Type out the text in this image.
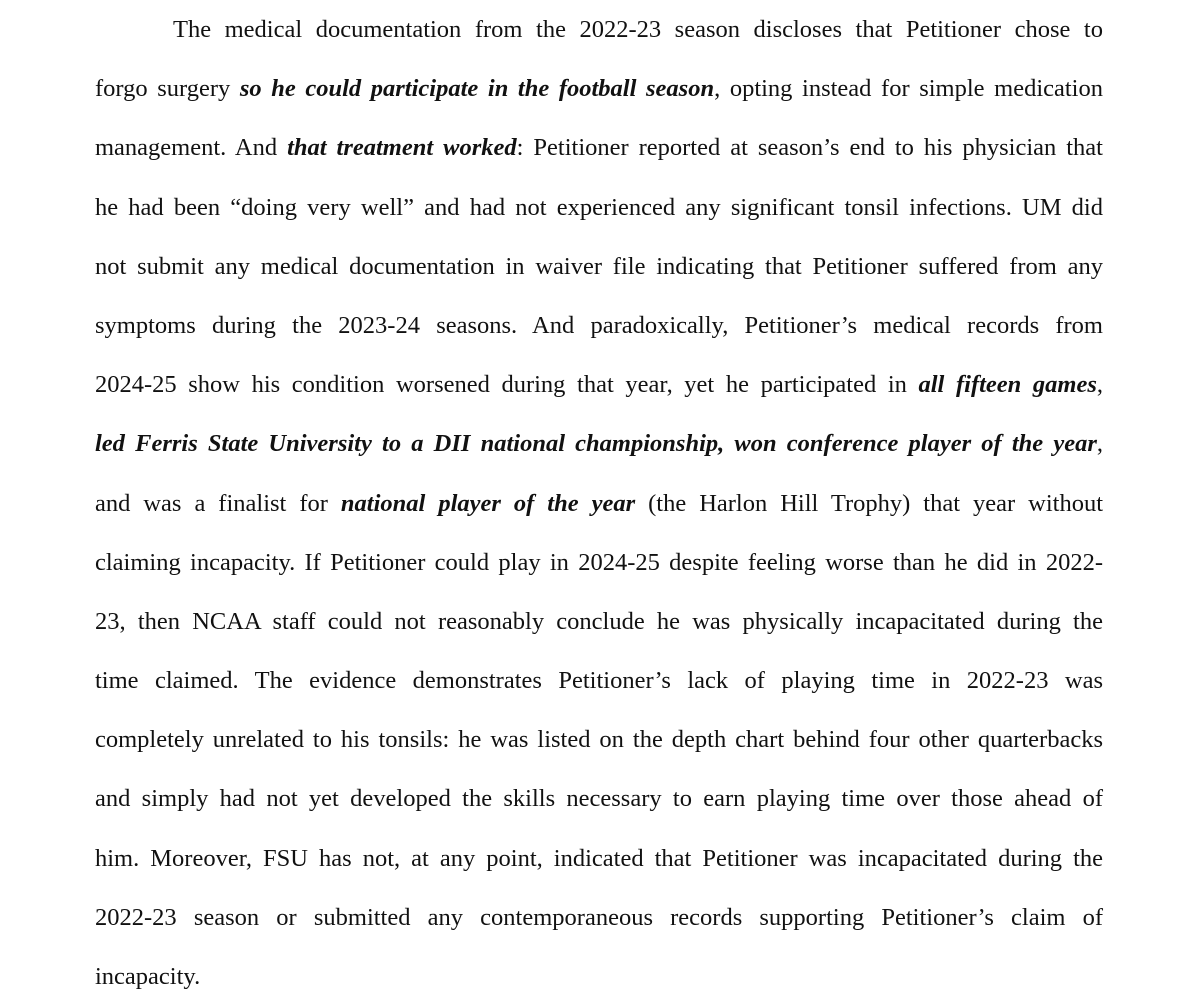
The medical documentation from the 2022-23 season discloses that Petitioner chose to
forgo surgery so he could participate in the football season, opting instead for simple medication
management. And that treatment worked: Petitioner reported at season’s end to his physician that
he had been “doing very well” and had not experienced any significant tonsil infections. UM did
not submit any medical documentation in waiver file indicating that Petitioner suffered from any
symptoms during the 2023-24 seasons. And paradoxically, Petitioner’s medical records from
2024-25 show his condition worsened during that year, yet he participated in all fifteen games,
led Ferris State University to a DII national championship, won conference player of the year,
and was a finalist for national player of the year (the Harlon Hill Trophy) that year without
claiming incapacity. If Petitioner could play in 2024-25 despite feeling worse than he did in 2022-
23, then NCAA staff could not reasonably conclude he was physically incapacitated during the
time claimed. The evidence demonstrates Petitioner’s lack of playing time in 2022-23 was
completely unrelated to his tonsils: he was listed on the depth chart behind four other quarterbacks
and simply had not yet developed the skills necessary to earn playing time over those ahead of
him. Moreover, FSU has not, at any point, indicated that Petitioner was incapacitated during the
2022-23 season or submitted any contemporaneous records supporting Petitioner’s claim of
incapacity.
